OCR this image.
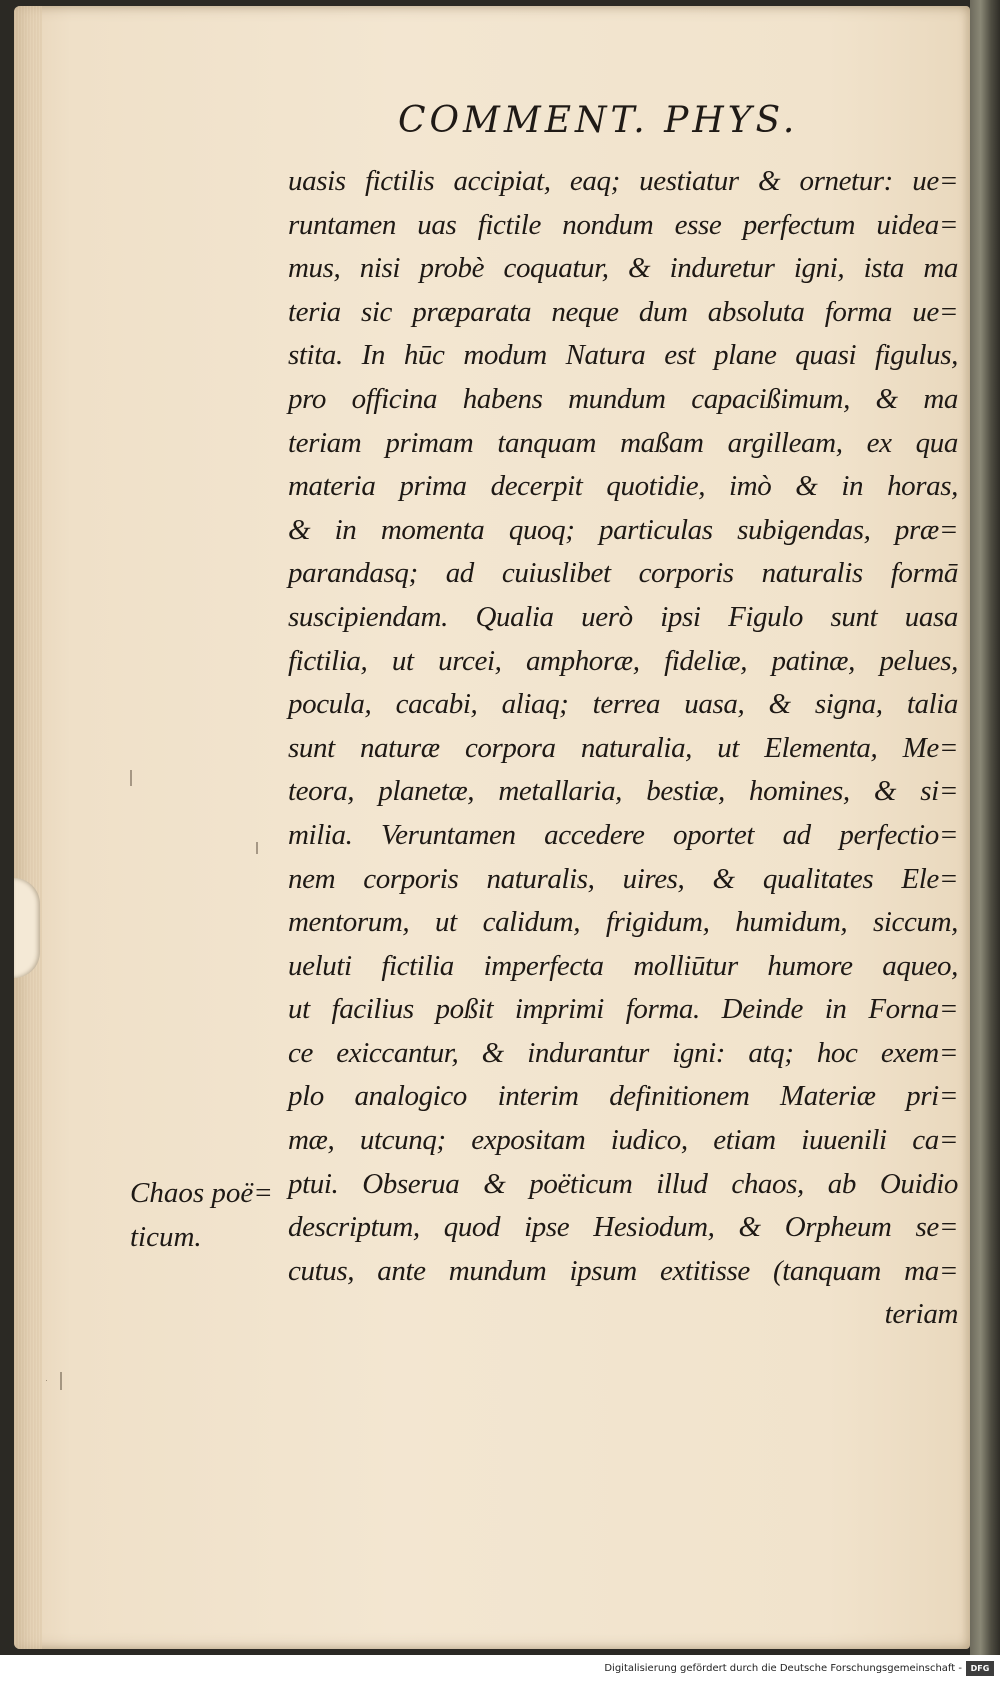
COMMENT. PHYS.
uasis fictilis accipiat, eaq; uestiatur & ornetur: ue=
runtamen uas fictile nondum esse perfectum uidea=
mus, nisi probè coquatur, & induretur igni, ista ma
teria sic præparata neque dum absoluta forma ue=
stita. In hūc modum Natura est plane quasi figulus,
pro officina habens mundum capacißimum, & ma
teriam primam tanquam maßam argilleam, ex qua
materia prima decerpit quotidie, imò & in horas,
& in momenta quoq; particulas subigendas, præ=
parandasq; ad cuiuslibet corporis naturalis formā
suscipiendam. Qualia uerò ipsi Figulo sunt uasa
fictilia, ut urcei, amphoræ, fideliæ, patinæ, pelues,
pocula, cacabi, aliaq; terrea uasa, & signa, talia
sunt naturæ corpora naturalia, ut Elementa, Me=
teora, planetæ, metallaria, bestiæ, homines, & si=
milia. Veruntamen accedere oportet ad perfectio=
nem corporis naturalis, uires, & qualitates Ele=
mentorum, ut calidum, frigidum, humidum, siccum,
ueluti fictilia imperfecta molliūtur humore aqueo,
ut facilius poßit imprimi forma. Deinde in Forna=
ce exiccantur, & indurantur igni: atq; hoc exem=
plo analogico interim definitionem Materiæ pri=
mæ, utcunq; expositam iudico, etiam iuuenili ca=
ptui. Obserua & poëticum illud chaos, ab Ouidio
descriptum, quod ipse Hesiodum, & Orpheum se=
cutus, ante mundum ipsum extitisse (tanquam ma=
teriam
Chaos poë=
ticum.
Digitalisierung gefördert durch die Deutsche Forschungsgemeinschaft -	DFG
